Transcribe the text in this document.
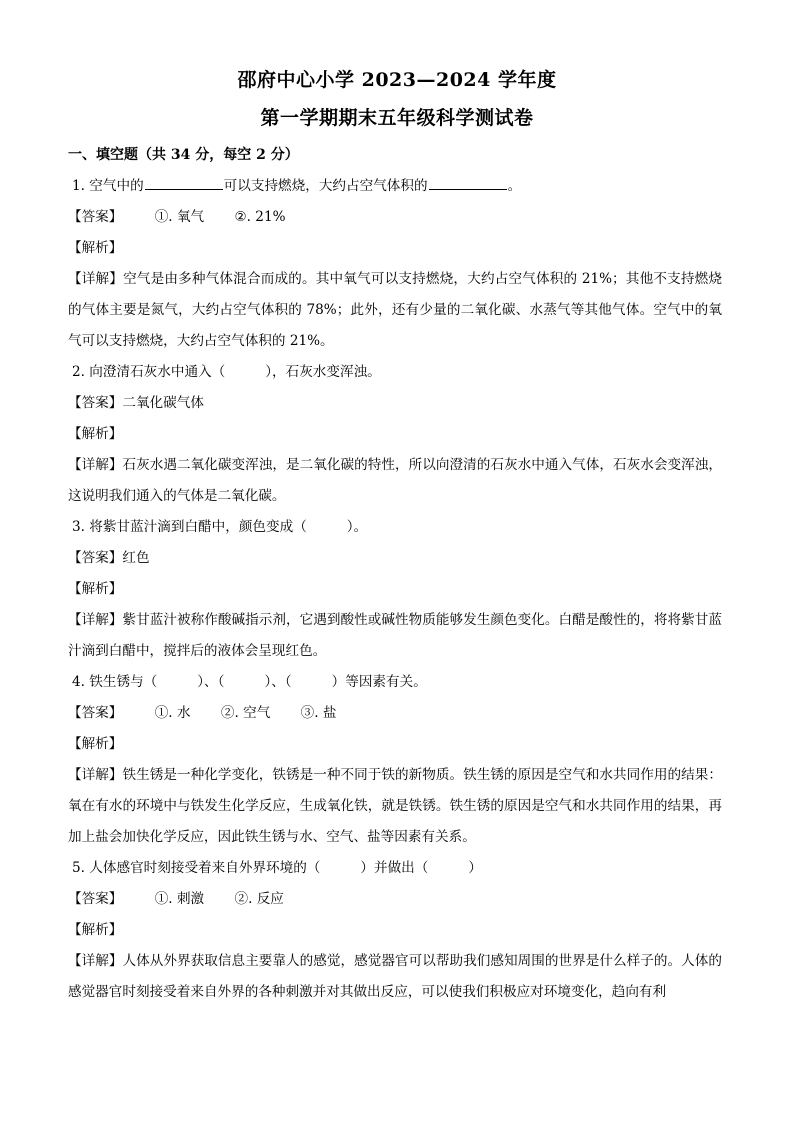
邵府中心小学 2023—2024 学年度
第一学期期末五年级科学测试卷
一、填空题（共 34 分，每空 2 分）
1. 空气中的	可以支持燃烧，大约占空气体积的	。
【答案】 ①. 氧气 ②. 21%
【解析】

【详解】空气是由多种气体混合而成的。其中氧气可以支持燃烧，大约占空气体积的 21%；其他不支持燃烧的气体主要是氮气，大约占空气体积的 78%；此外，还有少量的二氧化碳、水蒸气等其他气体。空气中的氧气可以支持燃烧，大约占空气体积的 21%。

2. 向澄清石灰水中通入（	），石灰水变浑浊。
【答案】二氧化碳气体
【解析】

【详解】石灰水遇二氧化碳变浑浊，是二氧化碳的特性，所以向澄清的石灰水中通入气体，石灰水会变浑浊，这说明我们通入的气体是二氧化碳。

3. 将紫甘蓝汁滴到白醋中，颜色变成（	）。
【答案】红色
【解析】

【详解】紫甘蓝汁被称作酸碱指示剂，它遇到酸性或碱性物质能够发生颜色变化。白醋是酸性的，将将紫甘蓝汁滴到白醋中，搅拌后的液体会呈现红色。

4. 铁生锈与（	）、（	）、（	）等因素有关。
【答案】 ①. 水 ②. 空气 ③. 盐
【解析】

【详解】铁生锈是一种化学变化，铁锈是一种不同于铁的新物质。铁生锈的原因是空气和水共同作用的结果：氧在有水的环境中与铁发生化学反应，生成氧化铁，就是铁锈。铁生锈的原因是空气和水共同作用的结果，再加上盐会加快化学反应，因此铁生锈与水、空气、盐等因素有关系。

5. 人体感官时刻接受着来自外界环境的（	）并做出（	）
【答案】 ①. 刺激 ②. 反应
【解析】

【详解】人体从外界获取信息主要靠人的感觉，感觉器官可以帮助我们感知周围的世界是什么样子的。人体的感觉器官时刻接受着来自外界的各种刺激并对其做出反应，可以使我们积极应对环境变化，趋向有利
